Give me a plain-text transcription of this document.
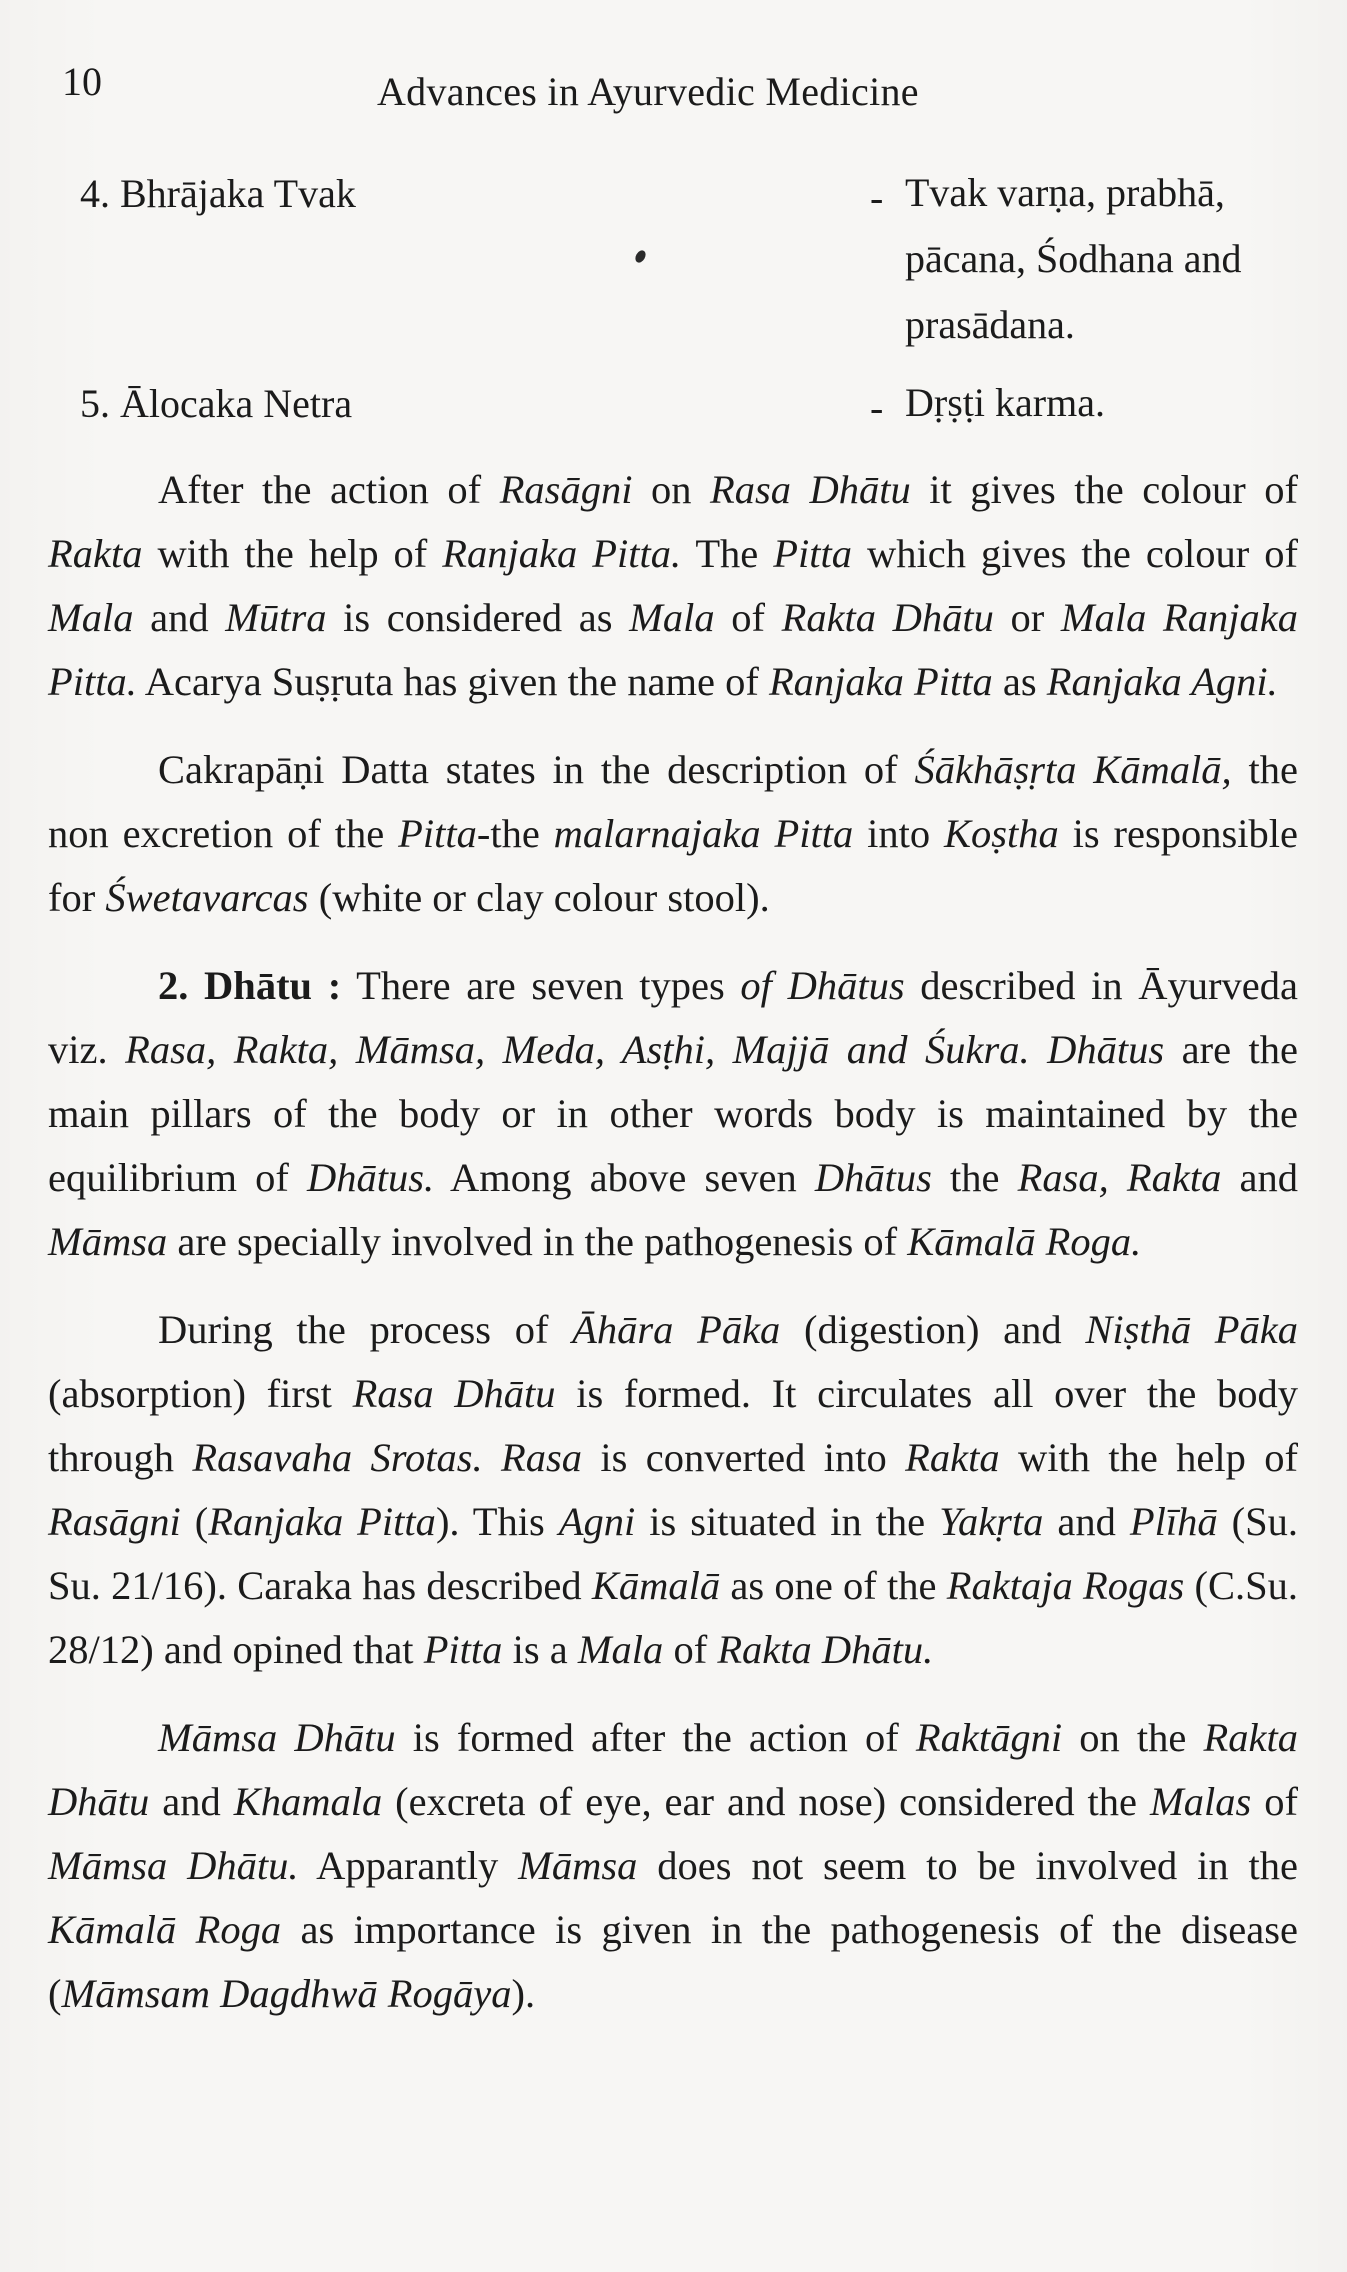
10	Advances in Ayurvedic Medicine
4. Bhrājaka Tvak	- Tvak varṇa, prabhā, pācana, Śodhana and prasādana.
5. Ālocaka Netra	- Dṛṣṭi karma.

After the action of Rasāgni on Rasa Dhātu it gives the colour of Rakta with the help of Ranjaka Pitta. The Pitta which gives the colour of Mala and Mūtra is considered as Mala of Rakta Dhātu or Mala Ranjaka Pitta. Acarya Suṣṛuta has given the name of Ranjaka Pitta as Ranjaka Agni.

Cakrapāṇi Datta states in the description of Śākhāṣṛta Kāmalā, the non excretion of the Pitta-the malarnajaka Pitta into Koṣtha is responsible for Śwetavarcas (white or clay colour stool).

2. Dhātu : There are seven types of Dhātus described in Āyurveda viz. Rasa, Rakta, Māmsa, Meda, Asṭhi, Majjā and Śukra. Dhātus are the main pillars of the body or in other words body is maintained by the equilibrium of Dhātus. Among above seven Dhātus the Rasa, Rakta and Māmsa are specially involved in the pathogenesis of Kāmalā Roga.

During the process of Āhāra Pāka (digestion) and Niṣthā Pāka (absorption) first Rasa Dhātu is formed. It circulates all over the body through Rasavaha Srotas. Rasa is converted into Rakta with the help of Rasāgni (Ranjaka Pitta). This Agni is situated in the Yakṛta and Plīhā (Su. Su. 21/16). Caraka has described Kāmalā as one of the Raktaja Rogas (C.Su. 28/12) and opined that Pitta is a Mala of Rakta Dhātu.

Māmsa Dhātu is formed after the action of Raktāgni on the Rakta Dhātu and Khamala (excreta of eye, ear and nose) considered the Malas of Māmsa Dhātu. Apparantly Māmsa does not seem to be involved in the Kāmalā Roga as importance is given in the pathogenesis of the disease (Māmsam Dagdhwā Rogāya).
